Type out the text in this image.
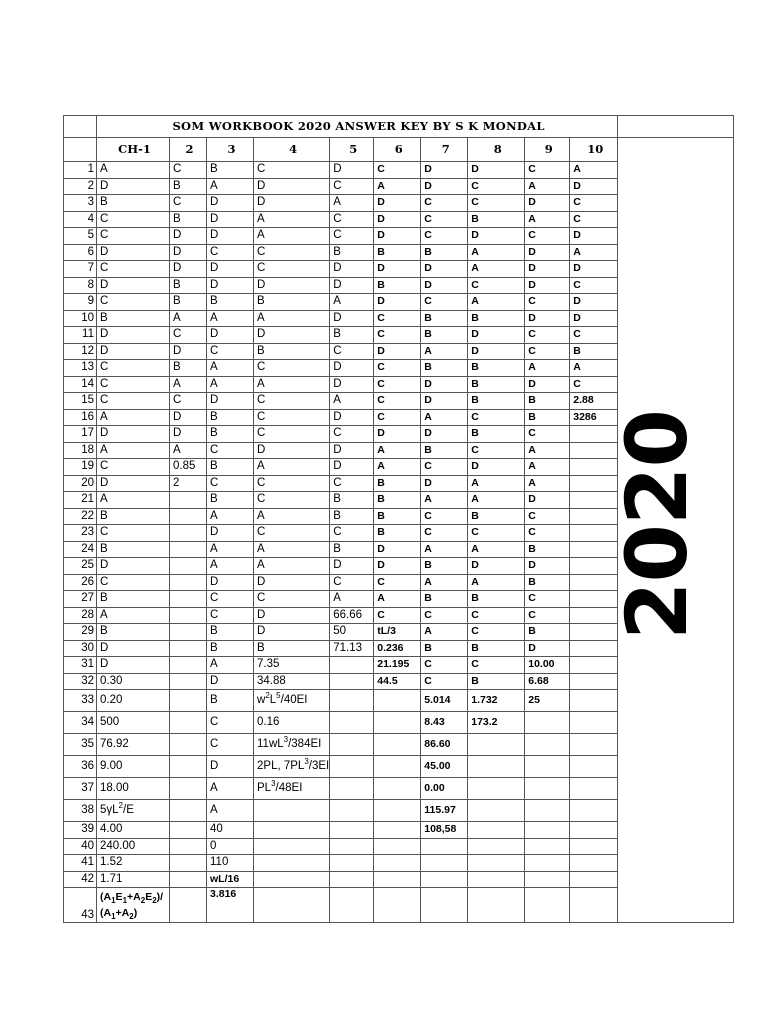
	SOM WORKBOOK 2020 ANSWER KEY BY S K MONDAL										
	CH-1	2	3	4	5	6	7	8	9	10	
1	A	C	B	C	D	C	D	D	C	A	
2	D	B	A	D	C	A	D	C	A	D	
3	B	C	D	D	A	D	C	C	D	C	
4	C	B	D	A	C	D	C	B	A	C	
5	C	D	D	A	C	D	C	D	C	D	
6	D	D	C	C	B	B	B	A	D	A	
7	C	D	D	C	D	D	D	A	D	D	
8	D	B	D	D	D	B	D	C	D	C	
9	C	B	B	B	A	D	C	A	C	D	
10	B	A	A	A	D	C	B	B	D	D	
11	D	C	D	D	B	C	B	D	C	C	
12	D	D	C	B	C	D	A	D	C	B	
13	C	B	A	C	D	C	B	B	A	A	
14	C	A	A	A	D	C	D	B	D	C	
15	C	C	D	C	A	C	D	B	B	2.88	
16	A	D	B	C	D	C	A	C	B	3286	
17	D	D	B	C	C	D	D	B	C		
18	A	A	C	D	D	A	B	C	A		
19	C	0.85	B	A	D	A	C	D	A		
20	D	2	C	C	C	B	D	A	A		
21	A		B	C	B	B	A	A	D		
22	B		A	A	B	B	C	B	C		
23	C		D	C	C	B	C	C	C		
24	B		A	A	B	D	A	A	B		
25	D		A	A	D	D	B	D	D		
26	C		D	D	C	C	A	A	B		
27	B		C	C	A	A	B	B	C		
28	A		C	D	66.66	C	C	C	C		
29	B		B	D	50	tL/3	A	C	B		
30	D		B	B	71.13	0.236	B	B	D		
31	D		A	7.35		21.195	C	C	10.00		
32	0.30		D	34.88		44.5	C	B	6.68		
33	0.20		B	$w^2L^5/40EI$			5.014	1.732	25		
34	500		C	0.16			8.43	173.2			
35	76.92		C	$11wL^3/384EI$			86.60				
36	9.00		D	2PL, $7PL^3/3EI$			45.00				
37	18.00		A	$PL^3/48EI$			0.00				
38	$5\gamma L^2/E$		A				115.97				
39	4.00		40				108,58				
40	240.00		0								
41	1.52		110								
42	1.71		wL/16								
43	$(A_1E_1+A_2E_2)/$
$(A_1+A_2)$		3.816								
2020
